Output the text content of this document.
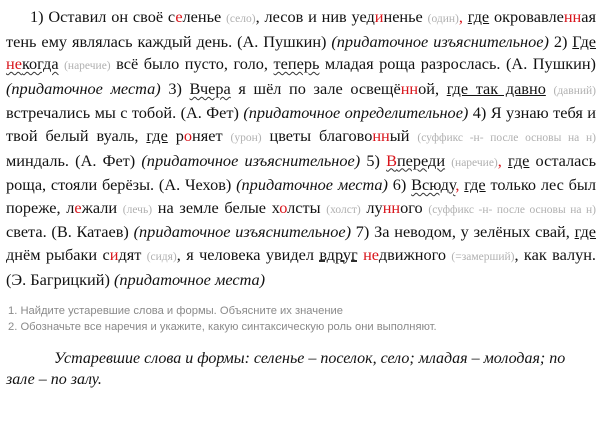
1) Оставил он своё селенье (село), лесов и нив уединенье (один), где окровавленная тень ему являлась каждый день. (А. Пушкин) (придаточное изъяснительное) 2) Где некогда (наречие) всё было пусто, голо, теперь младая роща разрослась. (А. Пушкин) (придаточное места) 3) Вчера я шёл по зале освещённой, где так давно (давний) встречались мы с тобой. (А. Фет) (придаточное определительное) 4) Я узнаю тебя и твой белый вуаль, где роняет (урон) цветы благовонный (суффикс -н- после основы на н) миндаль. (А. Фет) (придаточное изъяснительное) 5) Впереди (наречие), где осталась роща, стояли берёзы. (А. Чехов) (придаточное места) 6) Всюду, где только лес был пореже, лежали (лечь) на земле белые холсты (холст) лунного (суффикс -н- после основы на н) света. (В. Катаев) (придаточное изъяснительное) 7) За неводом, у зелёных свай, где днём рыбаки сидят (сидя), я человека увидел вдруг недвижного (=замерший), как валун. (Э. Багрицкий) (придаточное места)

1. Найдите устаревшие слова и формы. Объясните их значение
2. Обозначьте все наречия и укажите, какую синтаксическую роль они выполняют.

Устаревшие слова и формы: селенье – поселок, село; младая – молодая; по зале – по залу.
